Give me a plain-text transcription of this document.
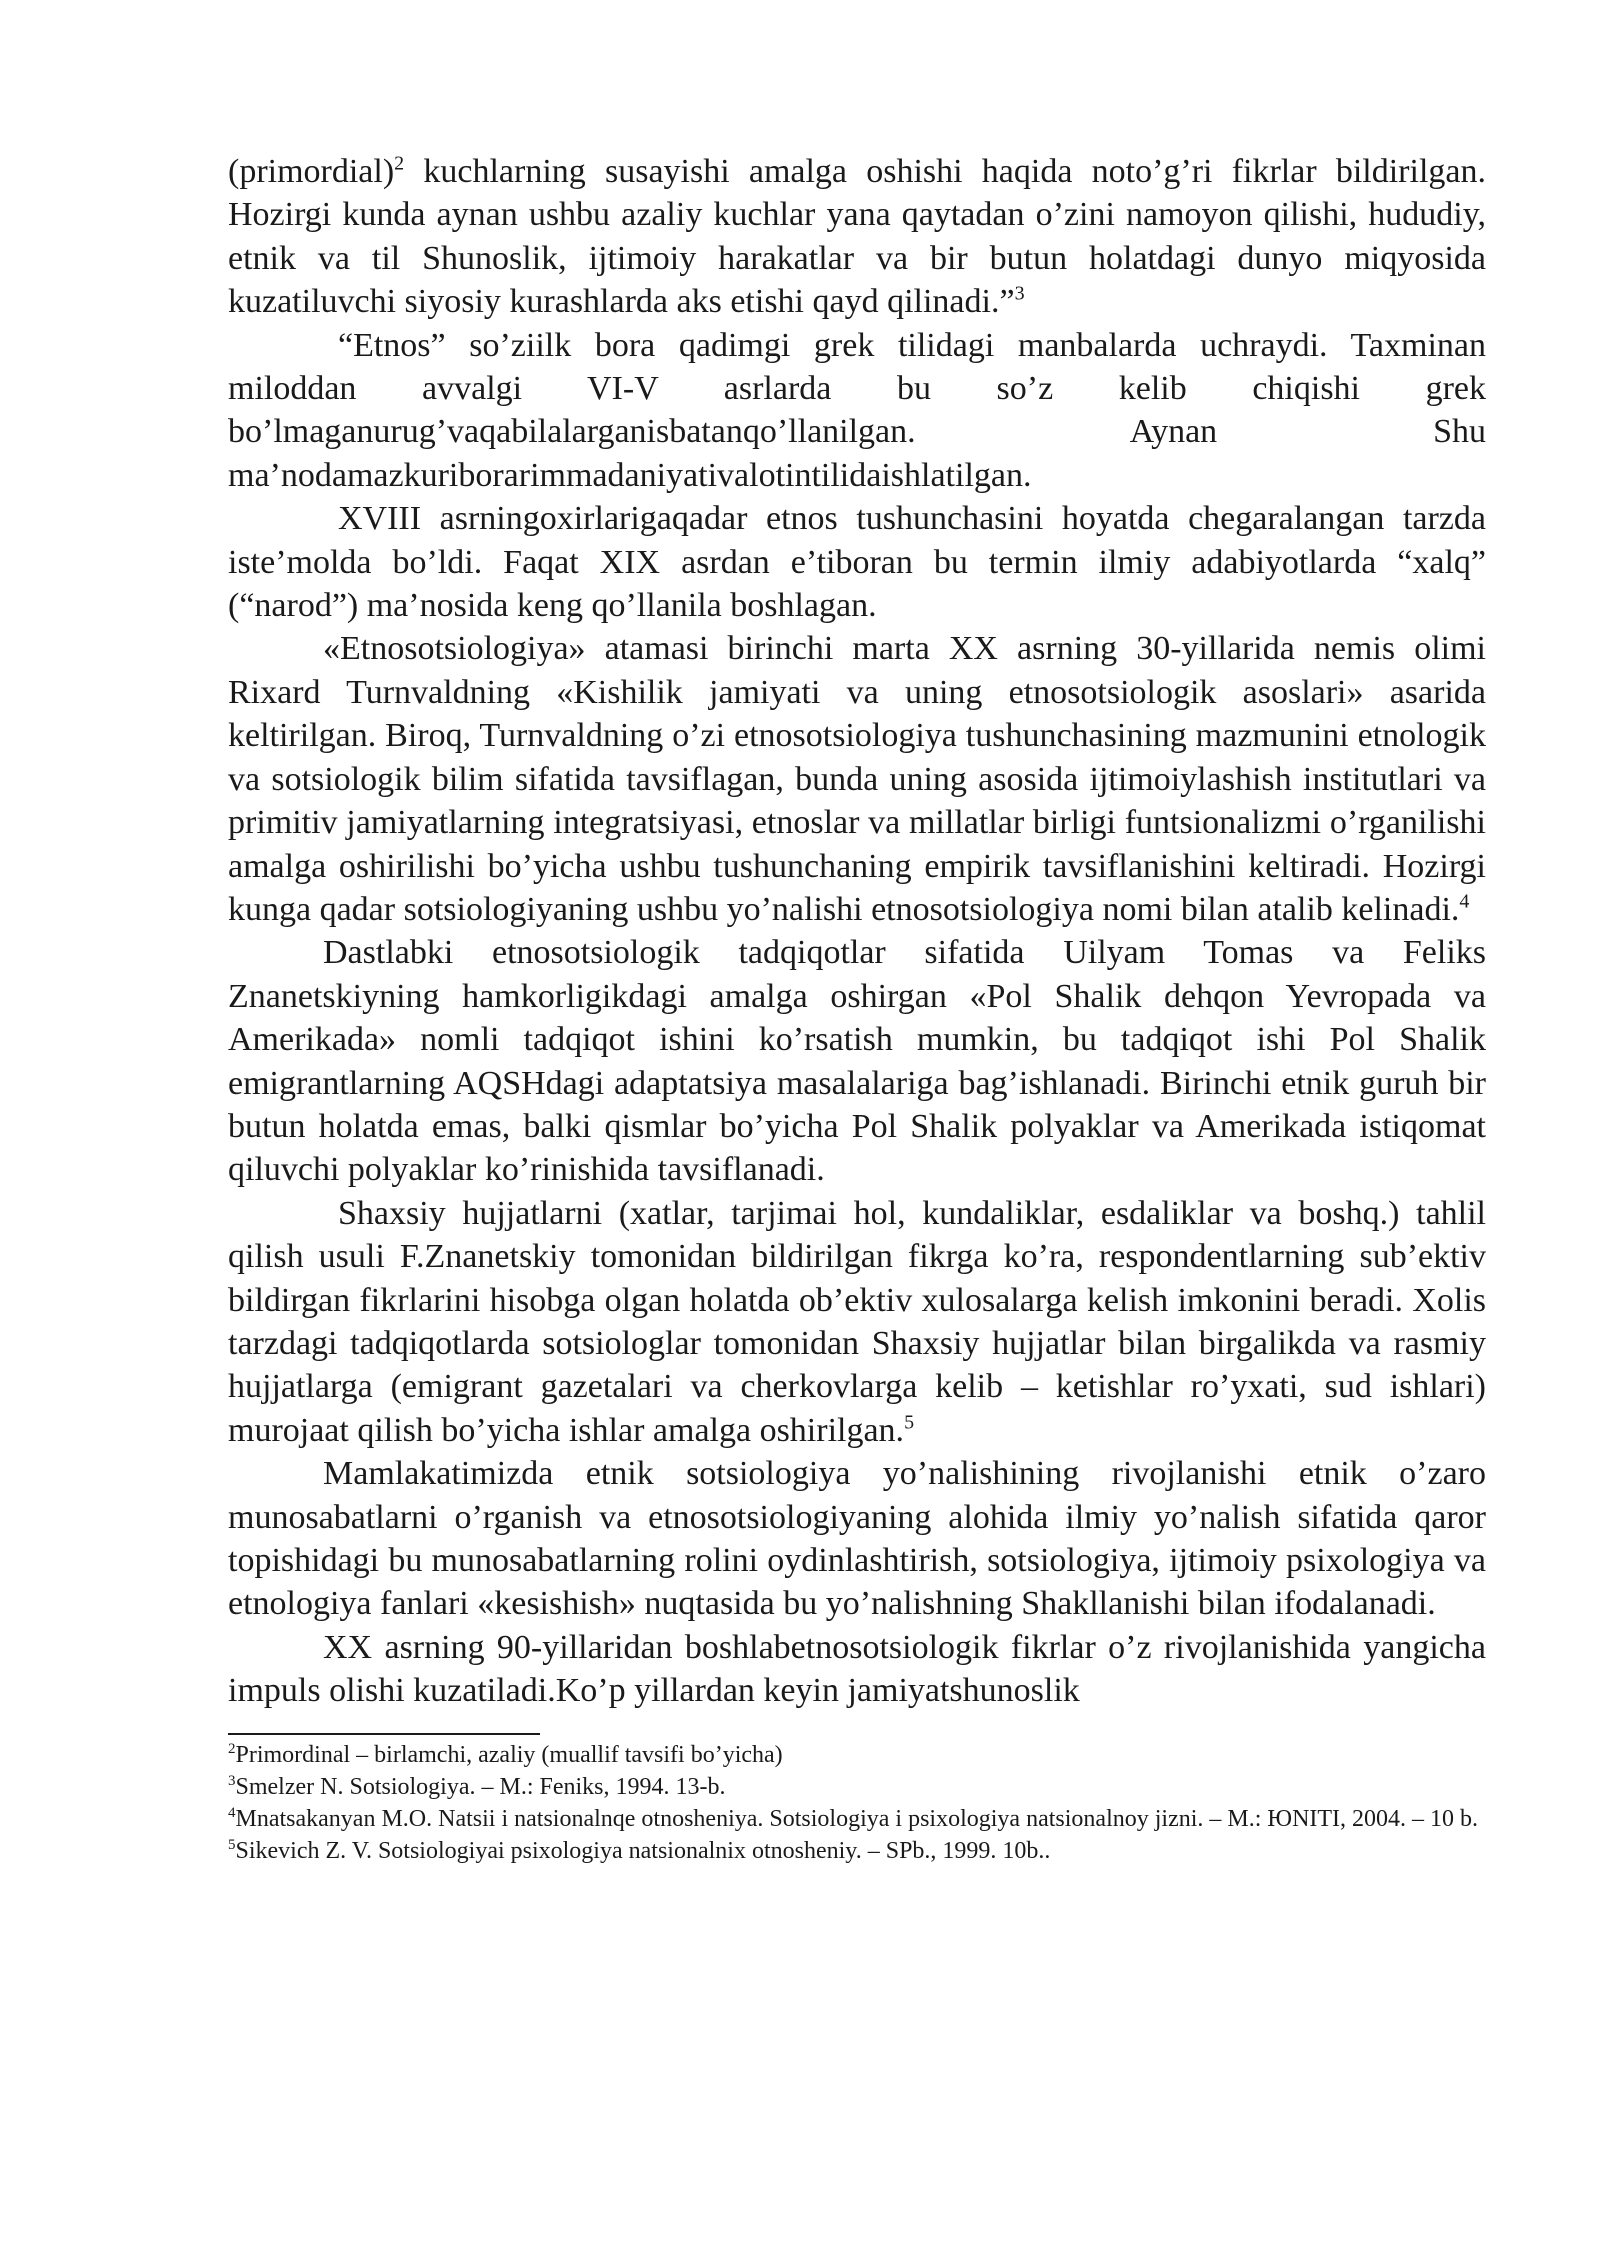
(primordial)$^2$ kuchlarning susayishi amalga oshishi haqida noto’g’ri fikrlar bildirilgan. Hozirgi kunda aynan ushbu azaliy kuchlar yana qaytadan o’zini namoyon qilishi, hududiy, etnik va til Shunoslik, ijtimoiy harakatlar va bir butun holatdagi dunyo miqyosida kuzatiluvchi siyosiy kurashlarda aks etishi qayd qilinadi.”$^3$

“Etnos” so’ziilk bora qadimgi grek tilidagi manbalarda uchraydi. Taxminan miloddan avvalgi VI-V asrlarda bu so’z kelib chiqishi grek bo’lmaganurug’vaqabilalarganisbatanqo’llanilgan. Aynan Shu ma’nodamazkuriborarimmadaniyativalotintilidaishlatilgan.

XVIII asrningoxirlarigaqadar etnos tushunchasini hoyatda chegaralangan tarzda iste’molda bo’ldi. Faqat XIX asrdan e’tiboran bu termin ilmiy adabiyotlarda “xalq” (“narod”) ma’nosida keng qo’llanila boshlagan.

«Etnosotsiologiya» atamasi birinchi marta XX asrning 30-yillarida nemis olimi Rixard Turnvaldning «Kishilik jamiyati va uning etnosotsiologik asoslari» asarida keltirilgan. Biroq, Turnvaldning o’zi etnosotsiologiya tushunchasining mazmunini etnologik va sotsiologik bilim sifatida tavsiflagan, bunda uning asosida ijtimoiylashish institutlari va primitiv jamiyatlarning integratsiyasi, etnoslar va millatlar birligi funtsionalizmi o’rganilishi amalga oshirilishi bo’yicha ushbu tushunchaning empirik tavsiflanishini keltiradi. Hozirgi kunga qadar sotsiologiyaning ushbu yo’nalishi etnosotsiologiya nomi bilan atalib kelinadi.$^4$

Dastlabki etnosotsiologik tadqiqotlar sifatida Uilyam Tomas va Feliks Znanetskiyning hamkorligikdagi amalga oshirgan «Pol Shalik dehqon Yevropada va Amerikada» nomli tadqiqot ishini ko’rsatish mumkin, bu tadqiqot ishi Pol Shalik emigrantlarning AQSHdagi adaptatsiya masalalariga bag’ishlanadi. Birinchi etnik guruh bir butun holatda emas, balki qismlar bo’yicha Pol Shalik polyaklar va Amerikada istiqomat qiluvchi polyaklar ko’rinishida tavsiflanadi.

Shaxsiy hujjatlarni (xatlar, tarjimai hol, kundaliklar, esdaliklar va boshq.) tahlil qilish usuli F.Znanetskiy tomonidan bildirilgan fikrga ko’ra, respondentlarning sub’ektiv bildirgan fikrlarini hisobga olgan holatda ob’ektiv xulosalarga kelish imkonini beradi. Xolis tarzdagi tadqiqotlarda sotsiologlar tomonidan Shaxsiy hujjatlar bilan birgalikda va rasmiy hujjatlarga (emigrant gazetalari va cherkovlarga kelib – ketishlar ro’yxati, sud ishlari) murojaat qilish bo’yicha ishlar amalga oshirilgan.$^5$

Mamlakatimizda etnik sotsiologiya yo’nalishining rivojlanishi etnik o’zaro munosabatlarni o’rganish va etnosotsiologiyaning alohida ilmiy yo’nalish sifatida qaror topishidagi bu munosabatlarning rolini oydinlashtirish, sotsiologiya, ijtimoiy psixologiya va etnologiya fanlari «kesishish» nuqtasida bu yo’nalishning Shakllanishi bilan ifodalanadi.

XX asrning 90-yillaridan boshlabetnosotsiologik fikrlar o’z rivojlanishida yangicha impuls olishi kuzatiladi.Ko’p yillardan keyin jamiyatshunoslik

$^2$Primordinal – birlamchi, azaliy (muallif tavsifi bo’yicha)

$^3$Smelzer N. Sotsiologiya. – M.: Feniks, 1994. 13-b.

$^4$Mnatsakanyan M.O. Natsii i natsionalnqe otnosheniya. Sotsiologiya i psixologiya natsionalnoy jizni. – M.: ЮNITI, 2004. – 10 b.

$^5$Sikevich Z. V. Sotsiologiyai psixologiya natsionalnix otnosheniy. – SPb., 1999. 10b..
